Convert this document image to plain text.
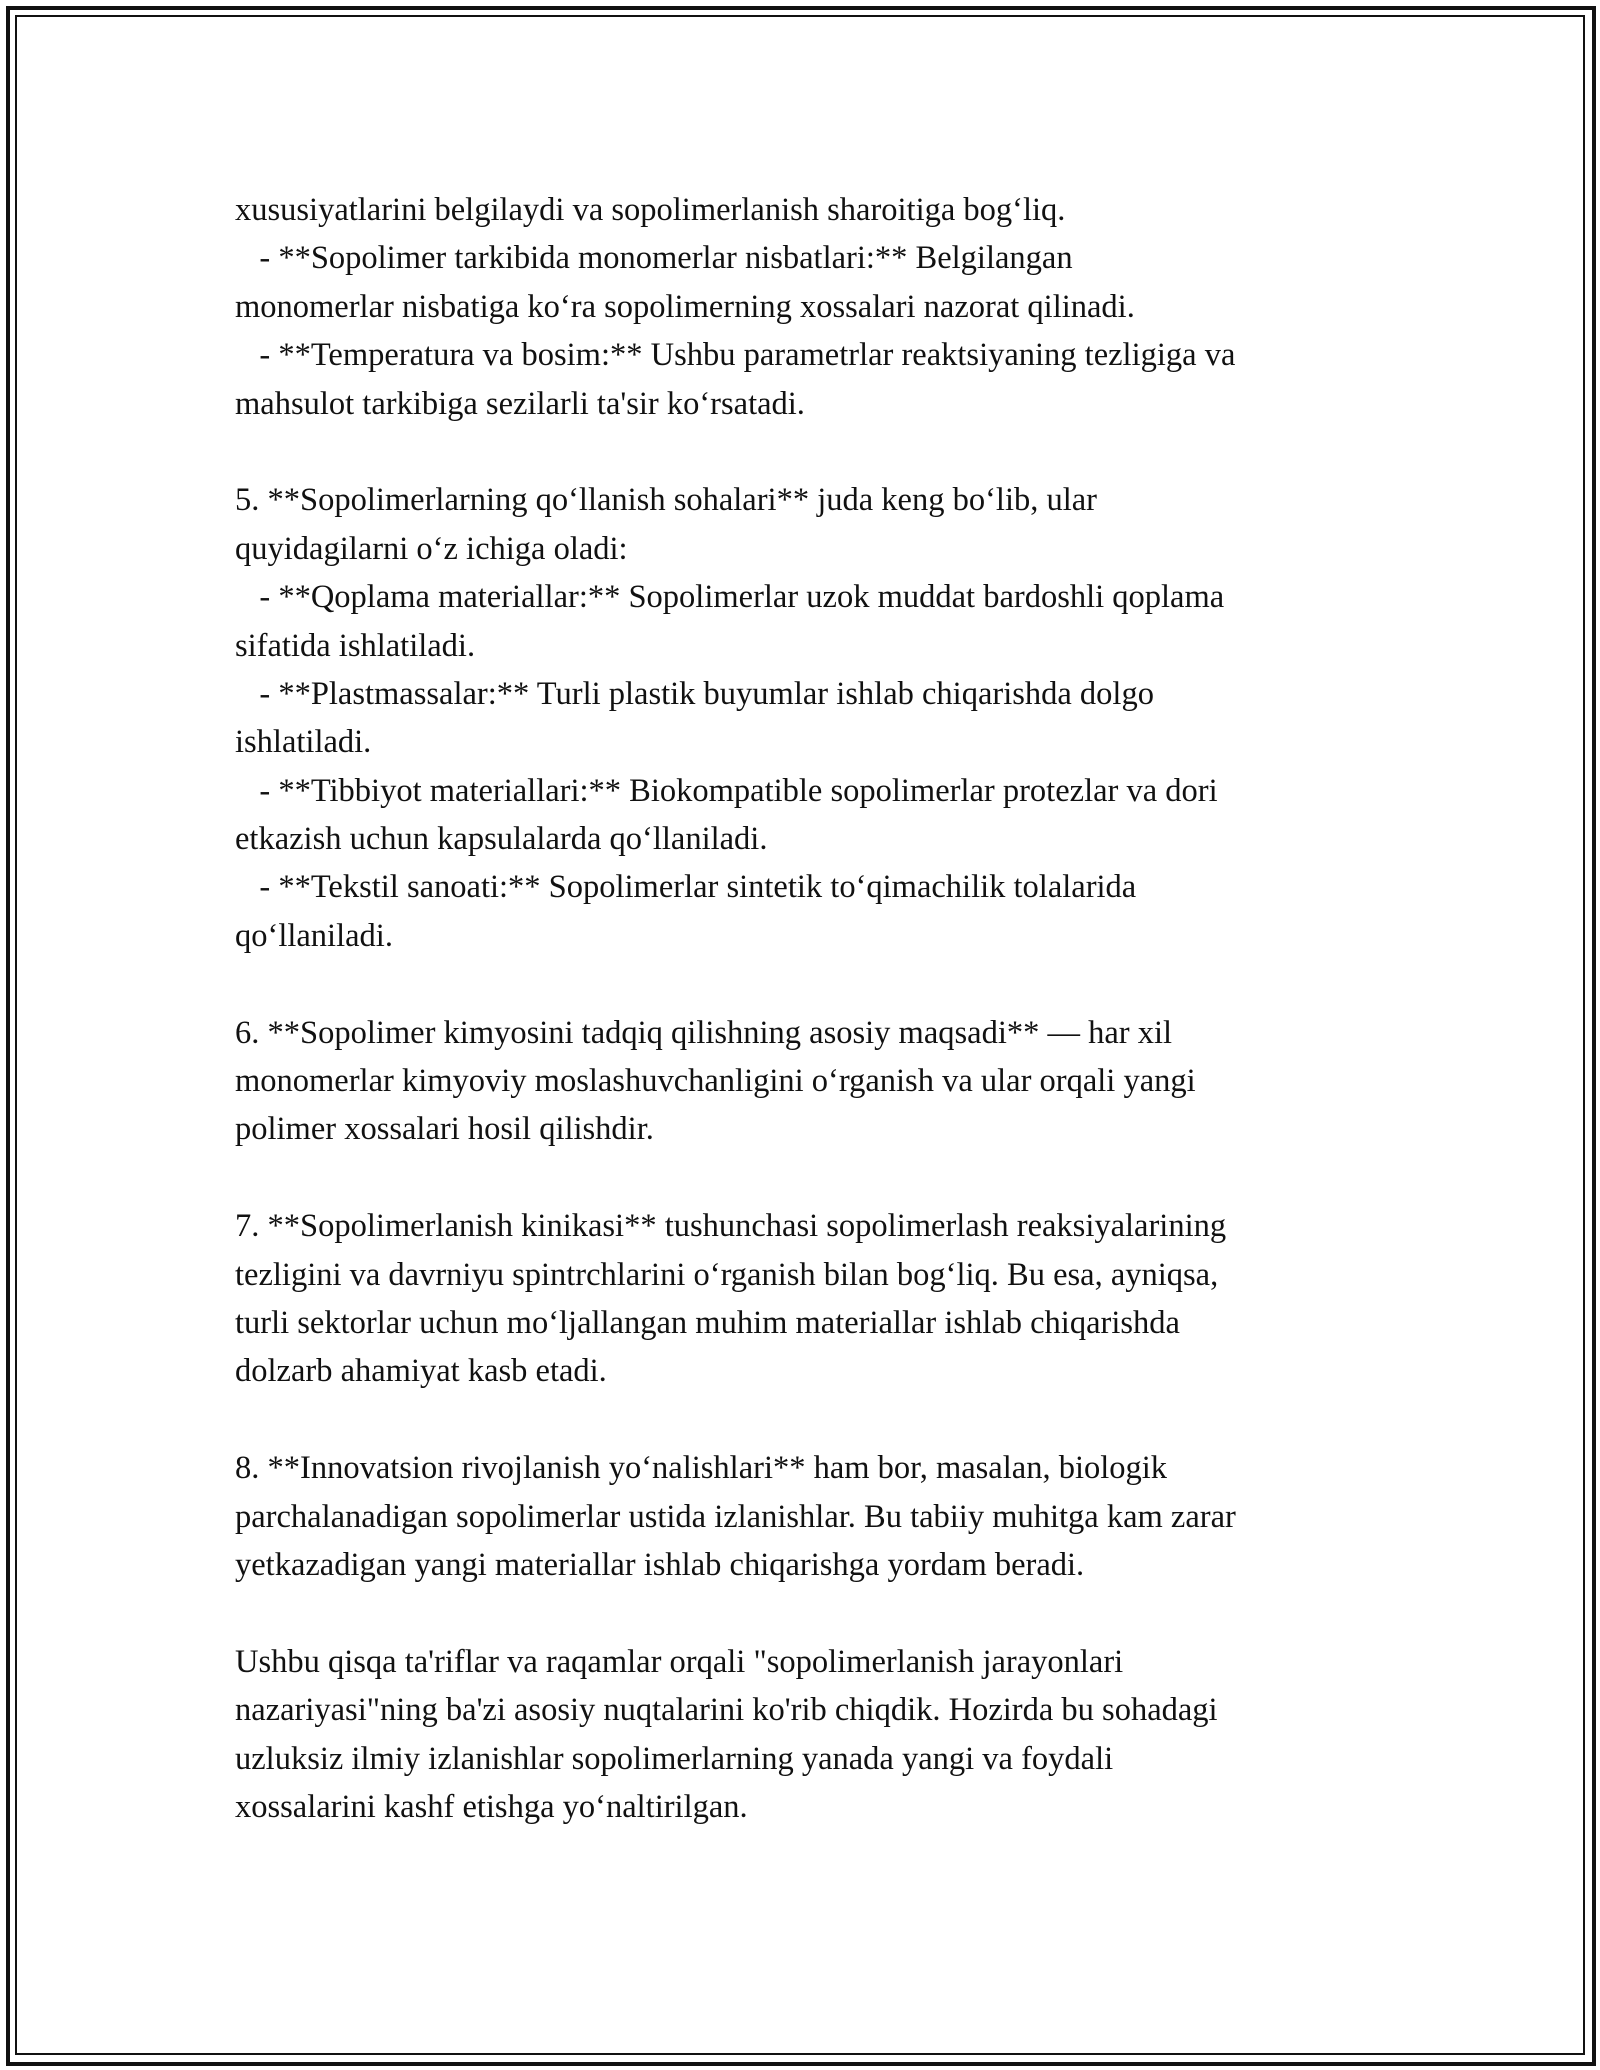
xususiyatlarini belgilaydi va sopolimerlanish sharoitiga bog‘liq.
- **Sopolimer tarkibida monomerlar nisbatlari:** Belgilangan
monomerlar nisbatiga ko‘ra sopolimerning xossalari nazorat qilinadi.
- **Temperatura va bosim:** Ushbu parametrlar reaktsiyaning tezligiga va
mahsulot tarkibiga sezilarli ta'sir ko‘rsatadi.
5. **Sopolimerlarning qo‘llanish sohalari** juda keng bo‘lib, ular
quyidagilarni o‘z ichiga oladi:
- **Qoplama materiallar:** Sopolimerlar uzok muddat bardoshli qoplama
sifatida ishlatiladi.
- **Plastmassalar:** Turli plastik buyumlar ishlab chiqarishda dolgo
ishlatiladi.
- **Tibbiyot materiallari:** Biokompatible sopolimerlar protezlar va dori
etkazish uchun kapsulalarda qo‘llaniladi.
- **Tekstil sanoati:** Sopolimerlar sintetik to‘qimachilik tolalarida
qo‘llaniladi.
6. **Sopolimer kimyosini tadqiq qilishning asosiy maqsadi** — har xil
monomerlar kimyoviy moslashuvchanligini o‘rganish va ular orqali yangi
polimer xossalari hosil qilishdir.
7. **Sopolimerlanish kinikasi** tushunchasi sopolimerlash reaksiyalarining
tezligini va davrniyu spintrchlarini o‘rganish bilan bog‘liq. Bu esa, ayniqsa,
turli sektorlar uchun mo‘ljallangan muhim materiallar ishlab chiqarishda
dolzarb ahamiyat kasb etadi.
8. **Innovatsion rivojlanish yo‘nalishlari** ham bor, masalan, biologik
parchalanadigan sopolimerlar ustida izlanishlar. Bu tabiiy muhitga kam zarar
yetkazadigan yangi materiallar ishlab chiqarishga yordam beradi.
Ushbu qisqa ta'riflar va raqamlar orqali "sopolimerlanish jarayonlari
nazariyasi"ning ba'zi asosiy nuqtalarini ko'rib chiqdik. Hozirda bu sohadagi
uzluksiz ilmiy izlanishlar sopolimerlarning yanada yangi va foydali
xossalarini kashf etishga yo‘naltirilgan.
